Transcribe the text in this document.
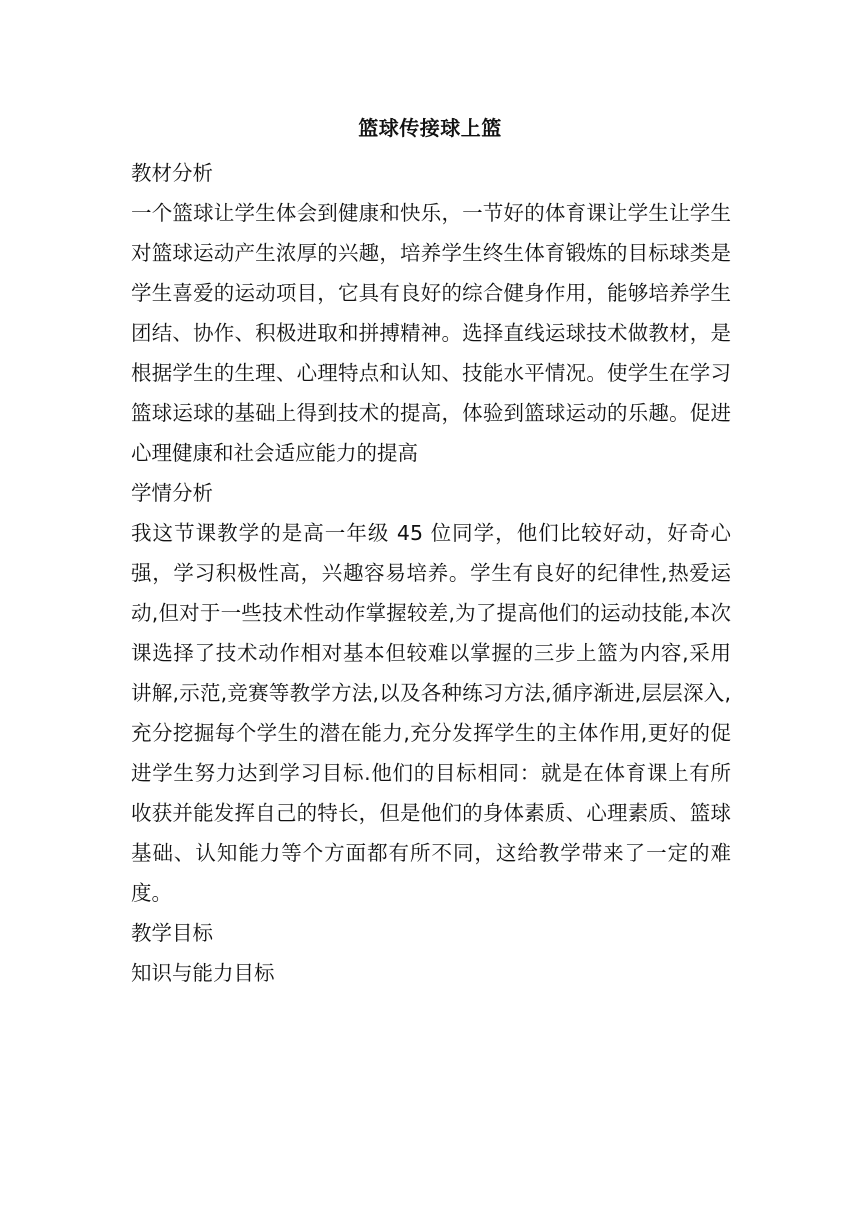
篮球传接球上篮

教材分析

一个篮球让学生体会到健康和快乐，一节好的体育课让学生让学生对篮球运动产生浓厚的兴趣，培养学生终生体育锻炼的目标球类是学生喜爱的运动项目，它具有良好的综合健身作用，能够培养学生团结、协作、积极进取和拼搏精神。选择直线运球技术做教材，是根据学生的生理、心理特点和认知、技能水平情况。使学生在学习篮球运球的基础上得到技术的提高，体验到篮球运动的乐趣。促进心理健康和社会适应能力的提高

学情分析

我这节课教学的是高一年级 45 位同学，他们比较好动，好奇心强，学习积极性高，兴趣容易培养。学生有良好的纪律性,热爱运动,但对于一些技术性动作掌握较差,为了提高他们的运动技能,本次课选择了技术动作相对基本但较难以掌握的三步上篮为内容,采用讲解,示范,竞赛等教学方法,以及各种练习方法,循序渐进,层层深入,充分挖掘每个学生的潜在能力,充分发挥学生的主体作用,更好的促进学生努力达到学习目标.他们的目标相同：就是在体育课上有所收获并能发挥自己的特长，但是他们的身体素质、心理素质、篮球基础、认知能力等个方面都有所不同，这给教学带来了一定的难度。

教学目标

知识与能力目标
